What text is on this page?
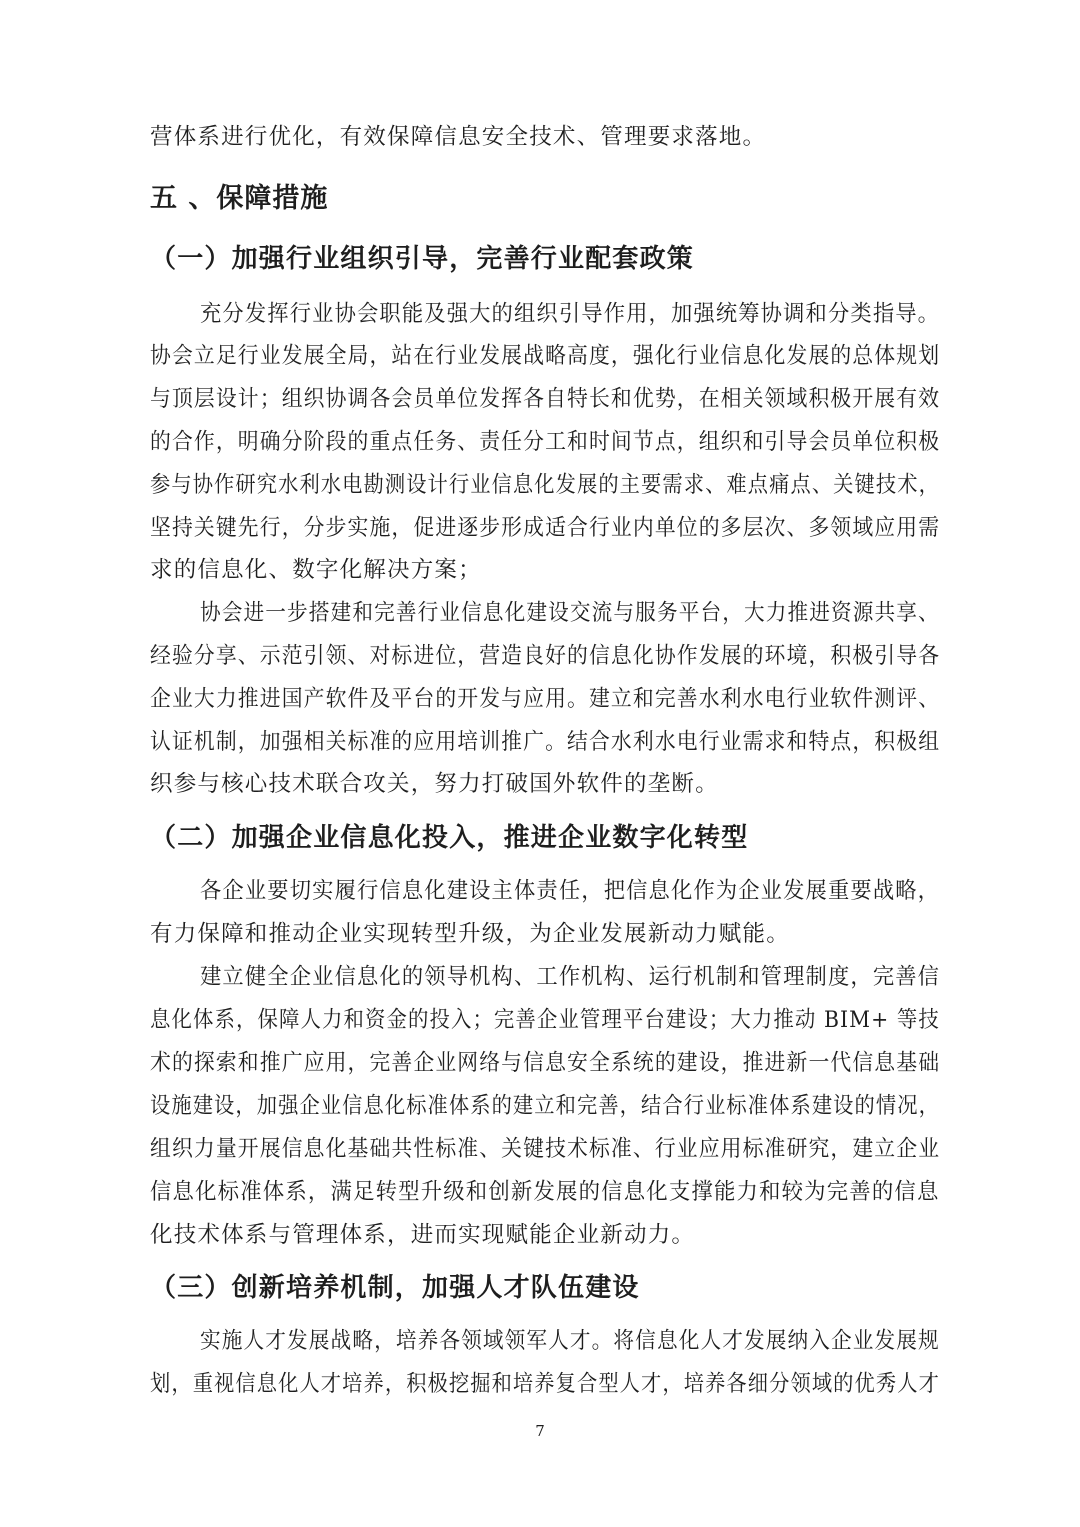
营体系进行优化，有效保障信息安全技术、管理要求落地。
五 、保障措施
（一）加强行业组织引导，完善行业配套政策
充分发挥行业协会职能及强大的组织引导作用，加强统筹协调和分类指导。
协会立足行业发展全局，站在行业发展战略高度，强化行业信息化发展的总体规划
与顶层设计；组织协调各会员单位发挥各自特长和优势，在相关领域积极开展有效
的合作，明确分阶段的重点任务、责任分工和时间节点，组织和引导会员单位积极
参与协作研究水利水电勘测设计行业信息化发展的主要需求、难点痛点、关键技术，
坚持关键先行，分步实施，促进逐步形成适合行业内单位的多层次、多领域应用需
求的信息化、数字化解决方案；
协会进一步搭建和完善行业信息化建设交流与服务平台，大力推进资源共享、
经验分享、示范引领、对标进位，营造良好的信息化协作发展的环境，积极引导各
企业大力推进国产软件及平台的开发与应用。建立和完善水利水电行业软件测评、
认证机制，加强相关标准的应用培训推广。结合水利水电行业需求和特点，积极组
织参与核心技术联合攻关，努力打破国外软件的垄断。
（二）加强企业信息化投入，推进企业数字化转型
各企业要切实履行信息化建设主体责任，把信息化作为企业发展重要战略，
有力保障和推动企业实现转型升级，为企业发展新动力赋能。
建立健全企业信息化的领导机构、工作机构、运行机制和管理制度，完善信
息化体系，保障人力和资金的投入；完善企业管理平台建设；大力推动 BIM+ 等技
术的探索和推广应用，完善企业网络与信息安全系统的建设，推进新一代信息基础
设施建设，加强企业信息化标准体系的建立和完善，结合行业标准体系建设的情况，
组织力量开展信息化基础共性标准、关键技术标准、行业应用标准研究，建立企业
信息化标准体系，满足转型升级和创新发展的信息化支撑能力和较为完善的信息
化技术体系与管理体系，进而实现赋能企业新动力。
（三）创新培养机制，加强人才队伍建设
实施人才发展战略，培养各领域领军人才。将信息化人才发展纳入企业发展规
划，重视信息化人才培养，积极挖掘和培养复合型人才，培养各细分领域的优秀人才
7
